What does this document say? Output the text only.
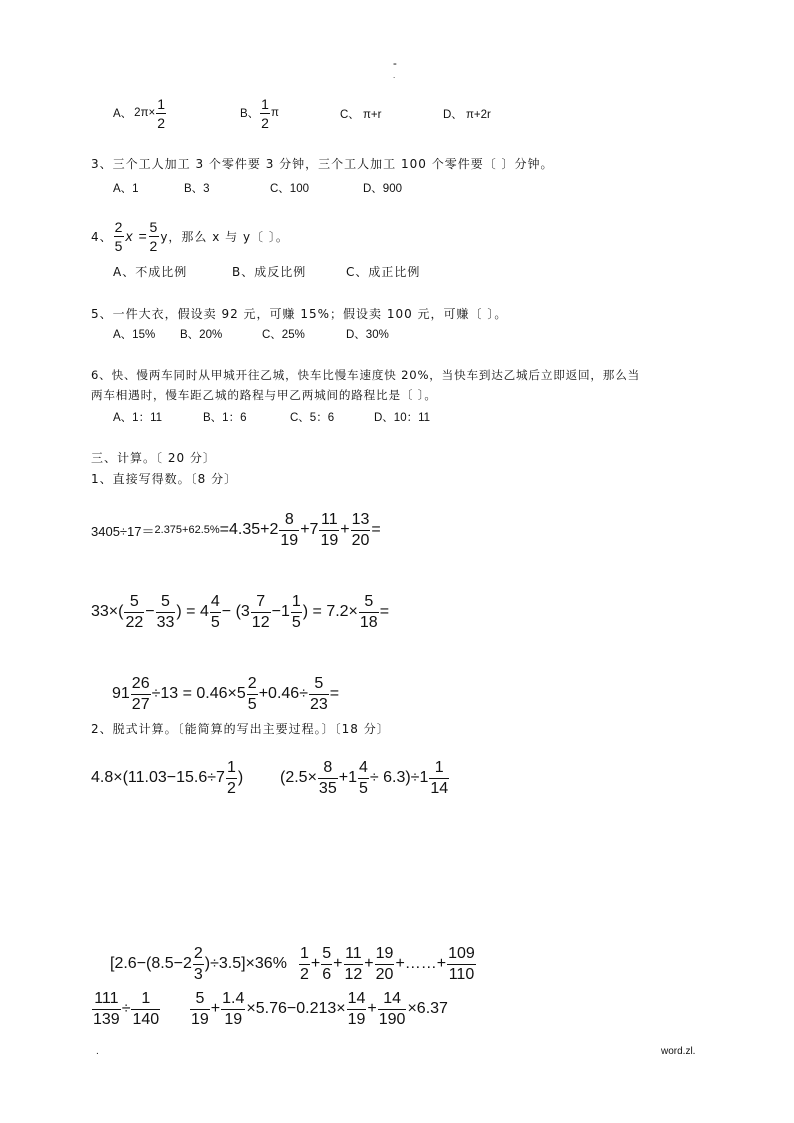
-
.
A、 $2\pi\times \frac{1}{2}$	B、 $\frac{1}{2}$ π	C、 π+r	D、 π+2r
3、三个工人加工 3 个零件要 3 分钟，三个工人加工 100 个零件要〔 〕分钟。
A、1	B、3	C、100	D、900
4、 $\frac{2}{5}$ $x = \frac{5}{2}$ y，那么 x 与 y〔 〕。
A、不成比例	B、成反比例	C、成正比例
5、一件大衣，假设卖 92 元，可赚 15%；假设卖 100 元，可赚〔 〕。
A、15% B、20%	C、25%	D、30%
6、快、慢两车同时从甲城开往乙城，快车比慢车速度快 20%，当快车到达乙城后立即返回，那么当
两车相遇时，慢车距乙城的路程与甲乙两城间的路程比是〔 〕。
A、1：11	B、1：6	C、5：6	D、10：11
三、计算。〔 20 分〕
1、直接写得数。〔8 分〕
$3405\div 17= 2.375+62.5\% =4.35+2 \frac{8}{19} +7 \frac{11}{19} + \frac{13}{20}$ =
$33\times( \frac{5}{22} - \frac{5}{33}$ ) = $4 \frac{4}{5} - (3 \frac{7}{12} -1 \frac{1}{5}$ ) = $7.2\times \frac{5}{18}$ =
$91 \frac{26}{27} \div 13 = 0.46\times 5 \frac{2}{5} +0.46\div \frac{5}{23}$ =
2、脱式计算。〔能简算的写出主要过程。〕〔18 分〕
$4.8\times(11.03-15.6\div 7 \frac{1}{2}$ ) $(2.5\times \frac{8}{35} +1 \frac{4}{5} \div 6.3)\div 1 \frac{1}{14}$
$[2.6-(8.5-2 \frac{2}{3} )\div 3.5]\times 36\% \frac{1}{2} + \frac{5}{6} + \frac{11}{12} + \frac{19}{20}$ +……+ $\frac{109}{110}$
$\frac{111}{139} \div \frac{1}{140} \frac{5}{19} + \frac{1.4}{19} \times 5.76-0.213\times \frac{14}{19} + \frac{14}{190} \times 6.37$
.	word.zl.
